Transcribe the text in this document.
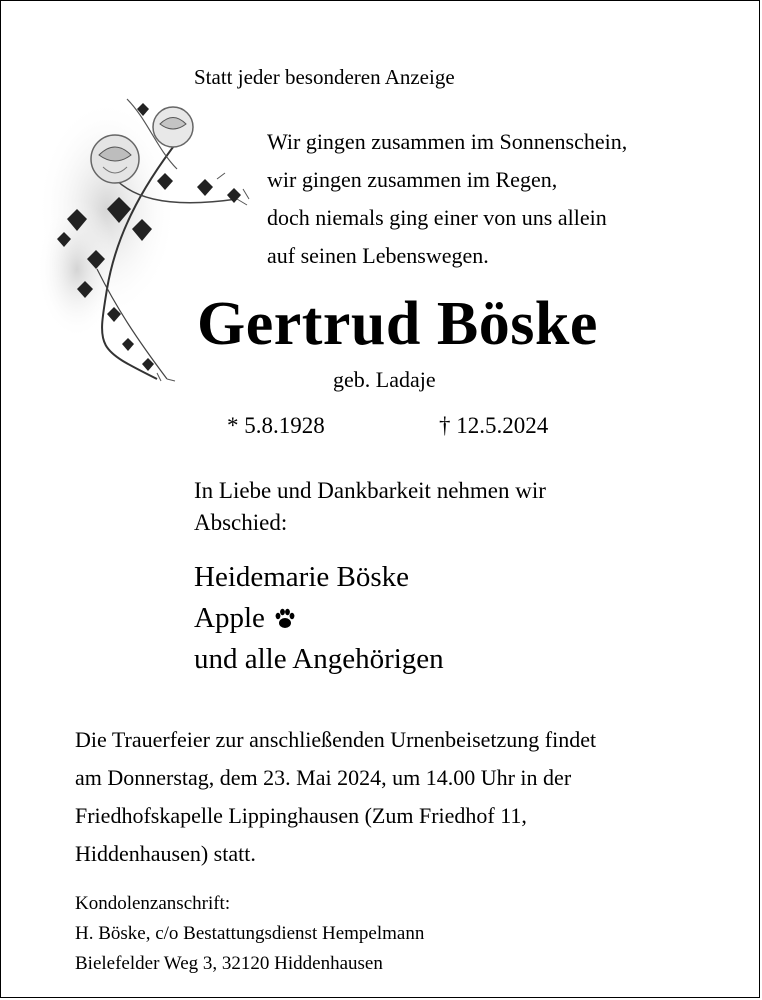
Statt jeder besonderen Anzeige
Wir gingen zusammen im Sonnenschein,
wir gingen zusammen im Regen,
doch niemals ging einer von uns allein
auf seinen Lebenswegen.
Gertrud Böske
geb. Ladaje
* 5.8.1928	† 12.5.2024
In Liebe und Dankbarkeit nehmen wir
Abschied:
Heidemarie Böske
Apple
und alle Angehörigen
Die Trauerfeier zur anschließenden Urnenbeisetzung findet
am Donnerstag, dem 23. Mai 2024, um 14.00 Uhr in der
Friedhofskapelle Lippinghausen (Zum Friedhof 11,
Hiddenhausen) statt.
Kondolenzanschrift:
H. Böske, c/o Bestattungsdienst Hempelmann
Bielefelder Weg 3, 32120 Hiddenhausen
